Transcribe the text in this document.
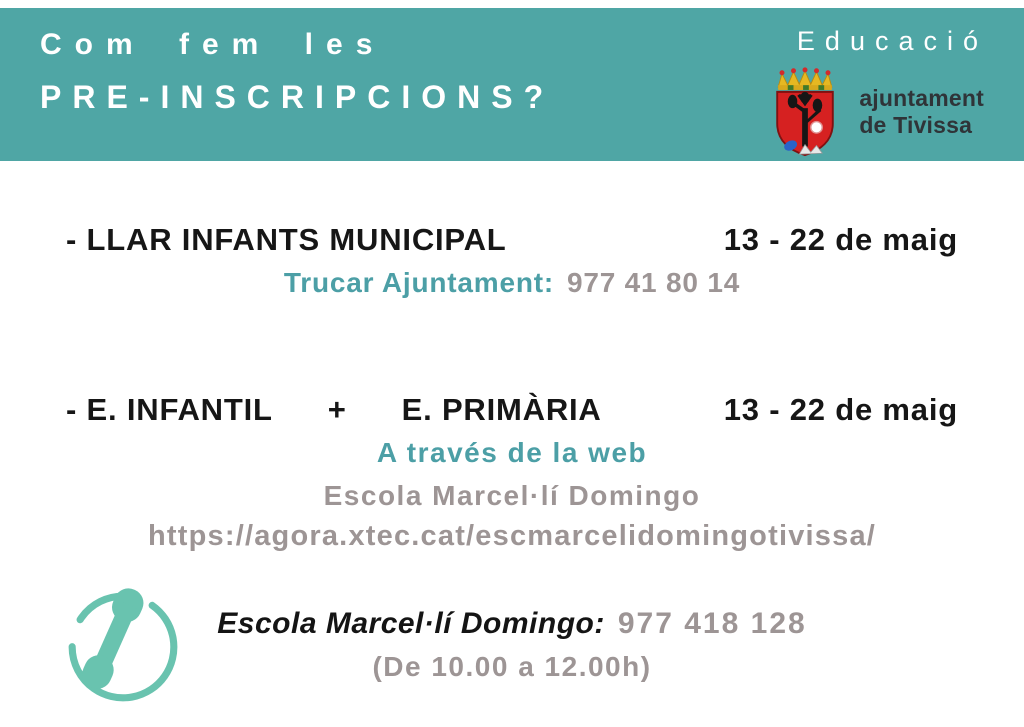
Com fem les
PRE-INSCRIPCIONS?
Educació
ajuntament
de Tivissa
- LLAR INFANTS MUNICIPAL	13 - 22 de maig
Trucar Ajuntament: 977 41 80 14
- E. INFANTIL + E. PRIMÀRIA	13 - 22 de maig
A través de la web
Escola Marcel·lí Domingo
https://agora.xtec.cat/escmarcelidomingotivissa/
Escola Marcel·lí Domingo: 977 418 128
(De 10.00 a 12.00h)
